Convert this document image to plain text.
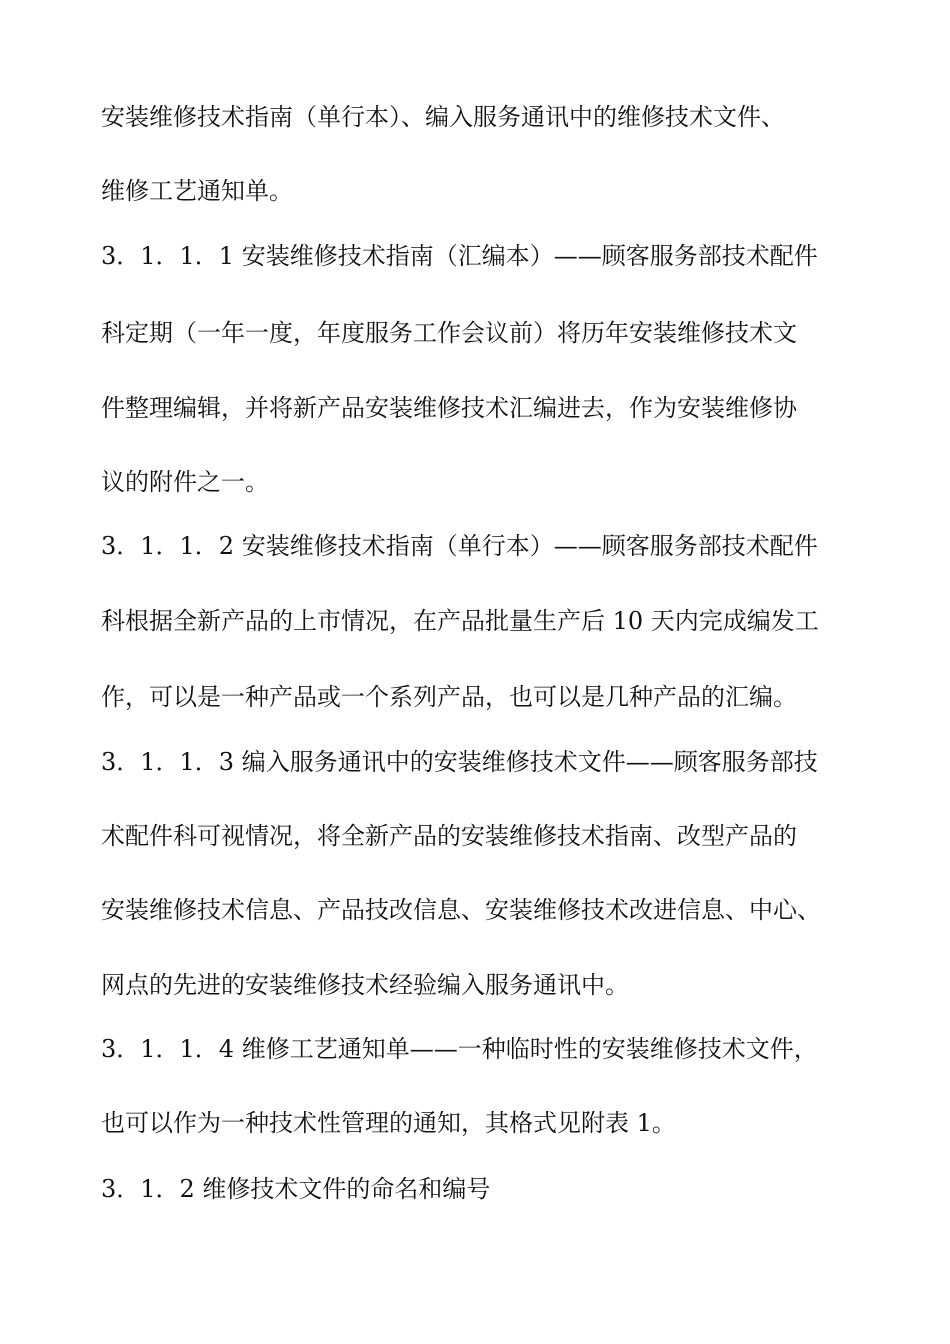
安装维修技术指南（单行本）、编入服务通讯中的维修技术文件、
维修工艺通知单。
3．1．1．1 安装维修技术指南（汇编本）——顾客服务部技术配件
科定期（一年一度，年度服务工作会议前）将历年安装维修技术文
件整理编辑，并将新产品安装维修技术汇编进去，作为安装维修协
议的附件之一。
3．1．1．2 安装维修技术指南（单行本）——顾客服务部技术配件
科根据全新产品的上市情况，在产品批量生产后 10 天内完成编发工
作，可以是一种产品或一个系列产品，也可以是几种产品的汇编。
3．1．1．3 编入服务通讯中的安装维修技术文件——顾客服务部技
术配件科可视情况，将全新产品的安装维修技术指南、改型产品的
安装维修技术信息、产品技改信息、安装维修技术改进信息、中心、
网点的先进的安装维修技术经验编入服务通讯中。
3．1．1．4 维修工艺通知单——一种临时性的安装维修技术文件，
也可以作为一种技术性管理的通知，其格式见附表 1。
3．1．2 维修技术文件的命名和编号
